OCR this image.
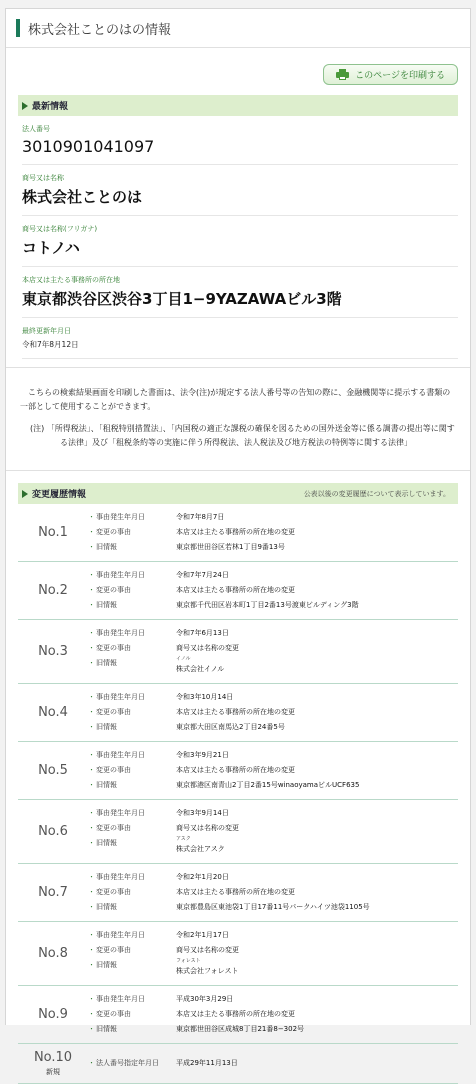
株式会社ことのはの情報
このページを印刷する
最新情報
法人番号
3010901041097
商号又は名称
株式会社ことのは
商号又は名称(フリガナ)
コトノハ
本店又は主たる事務所の所在地
東京都渋谷区渋谷3丁目1−9YAZAWAビル3階
最終更新年月日
令和7年8月12日

こちらの検索結果画面を印刷した書面は、法令(注)が規定する法人番号等の告知の際に、金融機関等に提示する書類の一部として使用することができます。

(注) 「所得税法」、「租税特別措置法」、「内国税の適正な課税の確保を図るための国外送金等に係る調書の提出等に関する法律」及び「租税条約等の実施に伴う所得税法、法人税法及び地方税法の特例等に関する法律」

変更履歴情報	公表以後の変更履歴について表示しています。
No.1
・ 事由発生年月日	令和7年8月7日
・ 変更の事由	本店又は主たる事務所の所在地の変更
・ 旧情報	東京都世田谷区若林1丁目9番13号
No.2
・ 事由発生年月日	令和7年7月24日
・ 変更の事由	本店又は主たる事務所の所在地の変更
・ 旧情報	東京都千代田区岩本町1丁目2番13号渡東ビルディング3階
No.3
・ 事由発生年月日	令和7年6月13日
・ 変更の事由	商号又は名称の変更
・ 旧情報	イノル
株式会社イノル
No.4
・ 事由発生年月日	令和3年10月14日
・ 変更の事由	本店又は主たる事務所の所在地の変更
・ 旧情報	東京都大田区南馬込2丁目24番5号
No.5
・ 事由発生年月日	令和3年9月21日
・ 変更の事由	本店又は主たる事務所の所在地の変更
・ 旧情報	東京都港区南青山2丁目2番15号winaoyamaビルUCF635
No.6
・ 事由発生年月日	令和3年9月14日
・ 変更の事由	商号又は名称の変更
・ 旧情報	アスク
株式会社アスク
No.7
・ 事由発生年月日	令和2年1月20日
・ 変更の事由	本店又は主たる事務所の所在地の変更
・ 旧情報	東京都豊島区東池袋1丁目17番11号パークハイツ池袋1105号
No.8
・ 事由発生年月日	令和2年1月17日
・ 変更の事由	商号又は名称の変更
・ 旧情報	フォレスト
株式会社フォレスト
No.9
・ 事由発生年月日	平成30年3月29日
・ 変更の事由	本店又は主たる事務所の所在地の変更
・ 旧情報	東京都世田谷区成城8丁目21番8−302号
No.10
新規
・ 法人番号指定年月日	平成29年11月13日
